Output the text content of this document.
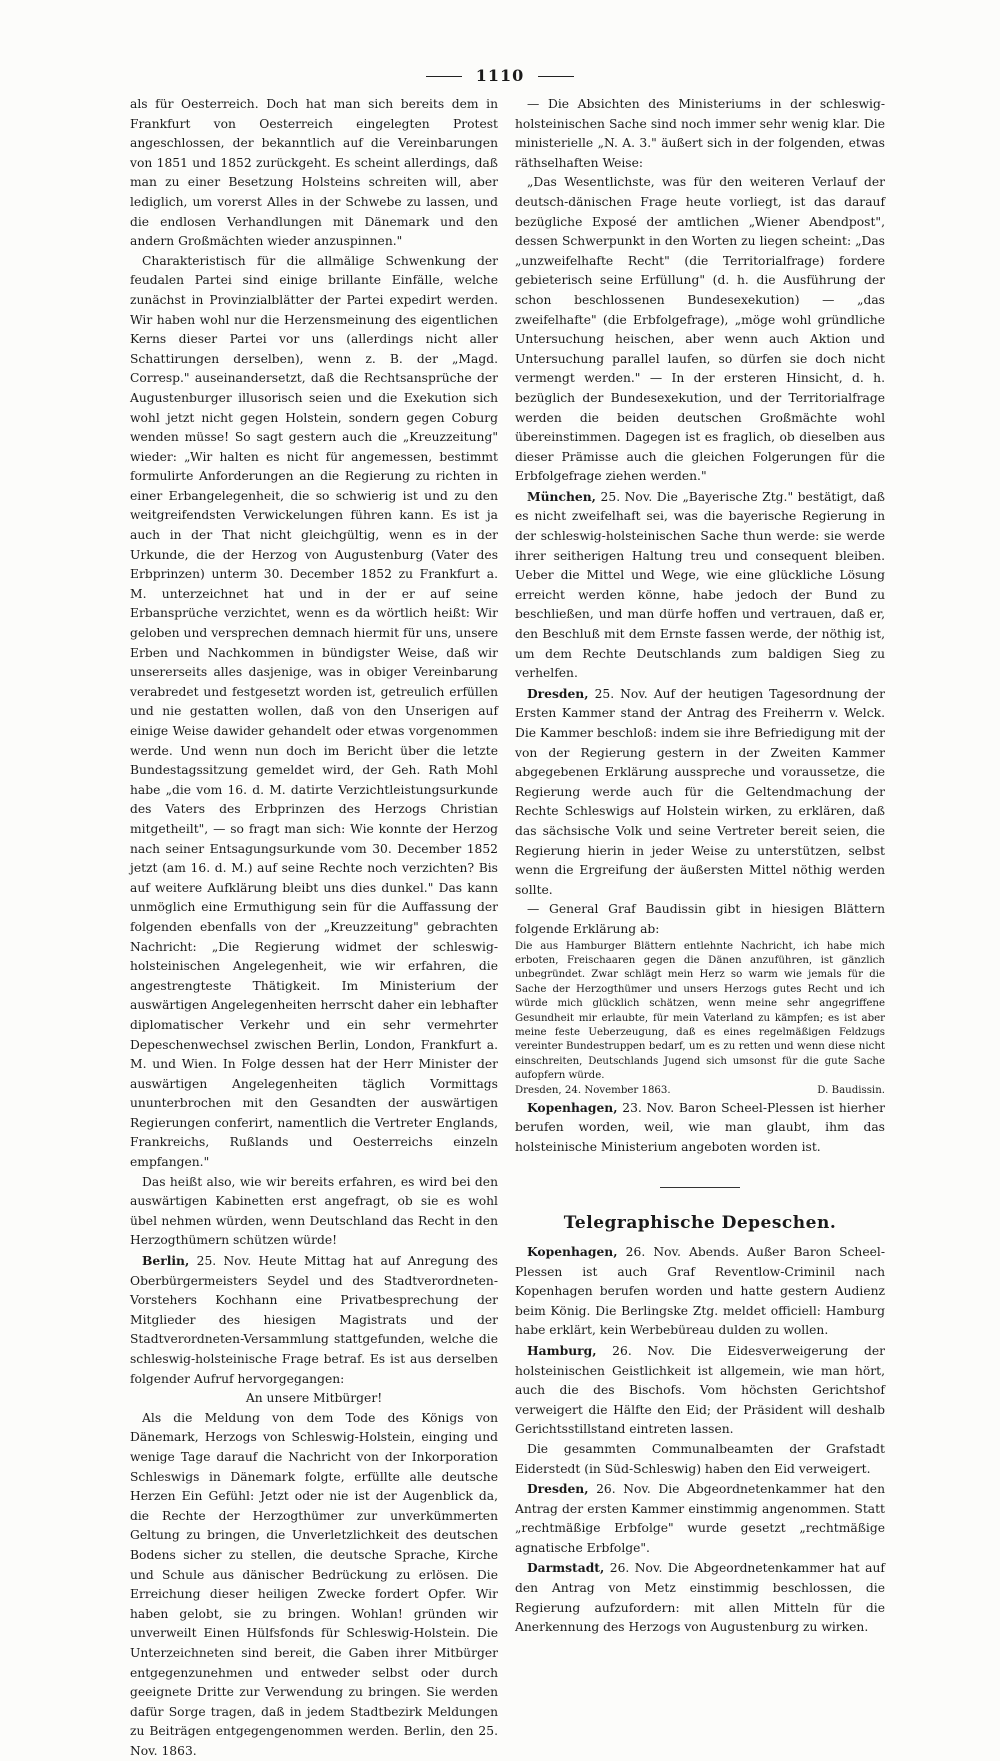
1110

als für Oesterreich. Doch hat man sich bereits dem in Frankfurt von Oesterreich eingelegten Protest angeschlossen, der bekanntlich auf die Vereinbarungen von 1851 und 1852 zurückgeht. Es scheint allerdings, daß man zu einer Besetzung Holsteins schreiten will, aber lediglich, um vorerst Alles in der Schwebe zu lassen, und die endlosen Verhandlungen mit Dänemark und den andern Großmächten wieder anzuspinnen."

Charakteristisch für die allmälige Schwenkung der feudalen Partei sind einige brillante Einfälle, welche zunächst in Provinzialblätter der Partei expedirt werden. Wir haben wohl nur die Herzensmeinung des eigentlichen Kerns dieser Partei vor uns (allerdings nicht aller Schattirungen derselben), wenn z. B. der „Magd. Corresp." auseinandersetzt, daß die Rechtsansprüche der Augustenburger illusorisch seien und die Exekution sich wohl jetzt nicht gegen Holstein, sondern gegen Coburg wenden müsse! So sagt gestern auch die „Kreuzzeitung" wieder: „Wir halten es nicht für angemessen, bestimmt formulirte Anforderungen an die Regierung zu richten in einer Erbangelegenheit, die so schwierig ist und zu den weitgreifendsten Verwickelungen führen kann. Es ist ja auch in der That nicht gleichgültig, wenn es in der Urkunde, die der Herzog von Augustenburg (Vater des Erbprinzen) unterm 30. December 1852 zu Frankfurt a. M. unterzeichnet hat und in der er auf seine Erbansprüche verzichtet, wenn es da wörtlich heißt: Wir geloben und versprechen demnach hiermit für uns, unsere Erben und Nachkommen in bündigster Weise, daß wir unsererseits alles dasjenige, was in obiger Vereinbarung verabredet und festgesetzt worden ist, getreulich erfüllen und nie gestatten wollen, daß von den Unserigen auf einige Weise dawider gehandelt oder etwas vorgenommen werde. Und wenn nun doch im Bericht über die letzte Bundestagssitzung gemeldet wird, der Geh. Rath Mohl habe „die vom 16. d. M. datirte Verzichtleistungsurkunde des Vaters des Erbprinzen des Herzogs Christian mitgetheilt", — so fragt man sich: Wie konnte der Herzog nach seiner Entsagungsurkunde vom 30. December 1852 jetzt (am 16. d. M.) auf seine Rechte noch verzichten? Bis auf weitere Aufklärung bleibt uns dies dunkel." Das kann unmöglich eine Ermuthigung sein für die Auffassung der folgenden ebenfalls von der „Kreuzzeitung" gebrachten Nachricht: „Die Regierung widmet der schleswig-holsteinischen Angelegenheit, wie wir erfahren, die angestrengteste Thätigkeit. Im Ministerium der auswärtigen Angelegenheiten herrscht daher ein lebhafter diplomatischer Verkehr und ein sehr vermehrter Depeschenwechsel zwischen Berlin, London, Frankfurt a. M. und Wien. In Folge dessen hat der Herr Minister der auswärtigen Angelegenheiten täglich Vormittags ununterbrochen mit den Gesandten der auswärtigen Regierungen conferirt, namentlich die Vertreter Englands, Frankreichs, Rußlands und Oesterreichs einzeln empfangen."

Das heißt also, wie wir bereits erfahren, es wird bei den auswärtigen Kabinetten erst angefragt, ob sie es wohl übel nehmen würden, wenn Deutschland das Recht in den Herzogthümern schützen würde!

Berlin, 25. Nov. Heute Mittag hat auf Anregung des Oberbürgermeisters Seydel und des Stadtverordneten-Vorstehers Kochhann eine Privatbesprechung der Mitglieder des hiesigen Magistrats und der Stadtverordneten-Versammlung stattgefunden, welche die schleswig-holsteinische Frage betraf. Es ist aus derselben folgender Aufruf hervorgegangen:

An unsere Mitbürger!

Als die Meldung von dem Tode des Königs von Dänemark, Herzogs von Schleswig-Holstein, einging und wenige Tage darauf die Nachricht von der Inkorporation Schleswigs in Dänemark folgte, erfüllte alle deutsche Herzen Ein Gefühl: Jetzt oder nie ist der Augenblick da, die Rechte der Herzogthümer zur unverkümmerten Geltung zu bringen, die Unverletzlichkeit des deutschen Bodens sicher zu stellen, die deutsche Sprache, Kirche und Schule aus dänischer Bedrückung zu erlösen. Die Erreichung dieser heiligen Zwecke fordert Opfer. Wir haben gelobt, sie zu bringen. Wohlan! gründen wir unverweilt Einen Hülfsfonds für Schleswig-Holstein. Die Unterzeichneten sind bereit, die Gaben ihrer Mitbürger entgegenzunehmen und entweder selbst oder durch geeignete Dritte zur Verwendung zu bringen. Sie werden dafür Sorge tragen, daß in jedem Stadtbezirk Meldungen zu Beiträgen entgegengenommen werden. Berlin, den 25. Nov. 1863.

— Die Absichten des Ministeriums in der schleswig-holsteinischen Sache sind noch immer sehr wenig klar. Die ministerielle „N. A. 3." äußert sich in der folgenden, etwas räthselhaften Weise:

„Das Wesentlichste, was für den weiteren Verlauf der deutsch-dänischen Frage heute vorliegt, ist das darauf bezügliche Exposé der amtlichen „Wiener Abendpost", dessen Schwerpunkt in den Worten zu liegen scheint: „Das „unzweifelhafte Recht" (die Territorialfrage) fordere gebieterisch seine Erfüllung" (d. h. die Ausführung der schon beschlossenen Bundesexekution) — „das zweifelhafte" (die Erbfolgefrage), „möge wohl gründliche Untersuchung heischen, aber wenn auch Aktion und Untersuchung parallel laufen, so dürfen sie doch nicht vermengt werden." — In der ersteren Hinsicht, d. h. bezüglich der Bundesexekution, und der Territorialfrage werden die beiden deutschen Großmächte wohl übereinstimmen. Dagegen ist es fraglich, ob dieselben aus dieser Prämisse auch die gleichen Folgerungen für die Erbfolgefrage ziehen werden."

München, 25. Nov. Die „Bayerische Ztg." bestätigt, daß es nicht zweifelhaft sei, was die bayerische Regierung in der schleswig-holsteinischen Sache thun werde: sie werde ihrer seitherigen Haltung treu und consequent bleiben. Ueber die Mittel und Wege, wie eine glückliche Lösung erreicht werden könne, habe jedoch der Bund zu beschließen, und man dürfe hoffen und vertrauen, daß er, den Beschluß mit dem Ernste fassen werde, der nöthig ist, um dem Rechte Deutschlands zum baldigen Sieg zu verhelfen.

Dresden, 25. Nov. Auf der heutigen Tagesordnung der Ersten Kammer stand der Antrag des Freiherrn v. Welck. Die Kammer beschloß: indem sie ihre Befriedigung mit der von der Regierung gestern in der Zweiten Kammer abgegebenen Erklärung ausspreche und voraussetze, die Regierung werde auch für die Geltendmachung der Rechte Schleswigs auf Holstein wirken, zu erklären, daß das sächsische Volk und seine Vertreter bereit seien, die Regierung hierin in jeder Weise zu unterstützen, selbst wenn die Ergreifung der äußersten Mittel nöthig werden sollte.

— General Graf Baudissin gibt in hiesigen Blättern folgende Erklärung ab:

Die aus Hamburger Blättern entlehnte Nachricht, ich habe mich erboten, Freischaaren gegen die Dänen anzuführen, ist gänzlich unbegründet. Zwar schlägt mein Herz so warm wie jemals für die Sache der Herzogthümer und unsers Herzogs gutes Recht und ich würde mich glücklich schätzen, wenn meine sehr angegriffene Gesundheit mir erlaubte, für mein Vaterland zu kämpfen; es ist aber meine feste Ueberzeugung, daß es eines regelmäßigen Feldzugs vereinter Bundestruppen bedarf, um es zu retten und wenn diese nicht einschreiten, Deutschlands Jugend sich umsonst für die gute Sache aufopfern würde.

Dresden, 24. November 1863.	D. Baudissin.

Kopenhagen, 23. Nov. Baron Scheel-Plessen ist hierher berufen worden, weil, wie man glaubt, ihm das holsteinische Ministerium angeboten worden ist.

Telegraphische Depeschen.

Kopenhagen, 26. Nov. Abends. Außer Baron Scheel-Plessen ist auch Graf Reventlow-Criminil nach Kopenhagen berufen worden und hatte gestern Audienz beim König. Die Berlingske Ztg. meldet officiell: Hamburg habe erklärt, kein Werbebüreau dulden zu wollen.

Hamburg, 26. Nov. Die Eidesverweigerung der holsteinischen Geistlichkeit ist allgemein, wie man hört, auch die des Bischofs. Vom höchsten Gerichtshof verweigert die Hälfte den Eid; der Präsident will deshalb Gerichtsstillstand eintreten lassen.

Die gesammten Communalbeamten der Grafstadt Eiderstedt (in Süd-Schleswig) haben den Eid verweigert.

Dresden, 26. Nov. Die Abgeordnetenkammer hat den Antrag der ersten Kammer einstimmig angenommen. Statt „rechtmäßige Erbfolge" wurde gesetzt „rechtmäßige agnatische Erbfolge".

Darmstadt, 26. Nov. Die Abgeordnetenkammer hat auf den Antrag von Metz einstimmig beschlossen, die Regierung aufzufordern: mit allen Mitteln für die Anerkennung des Herzogs von Augustenburg zu wirken.
